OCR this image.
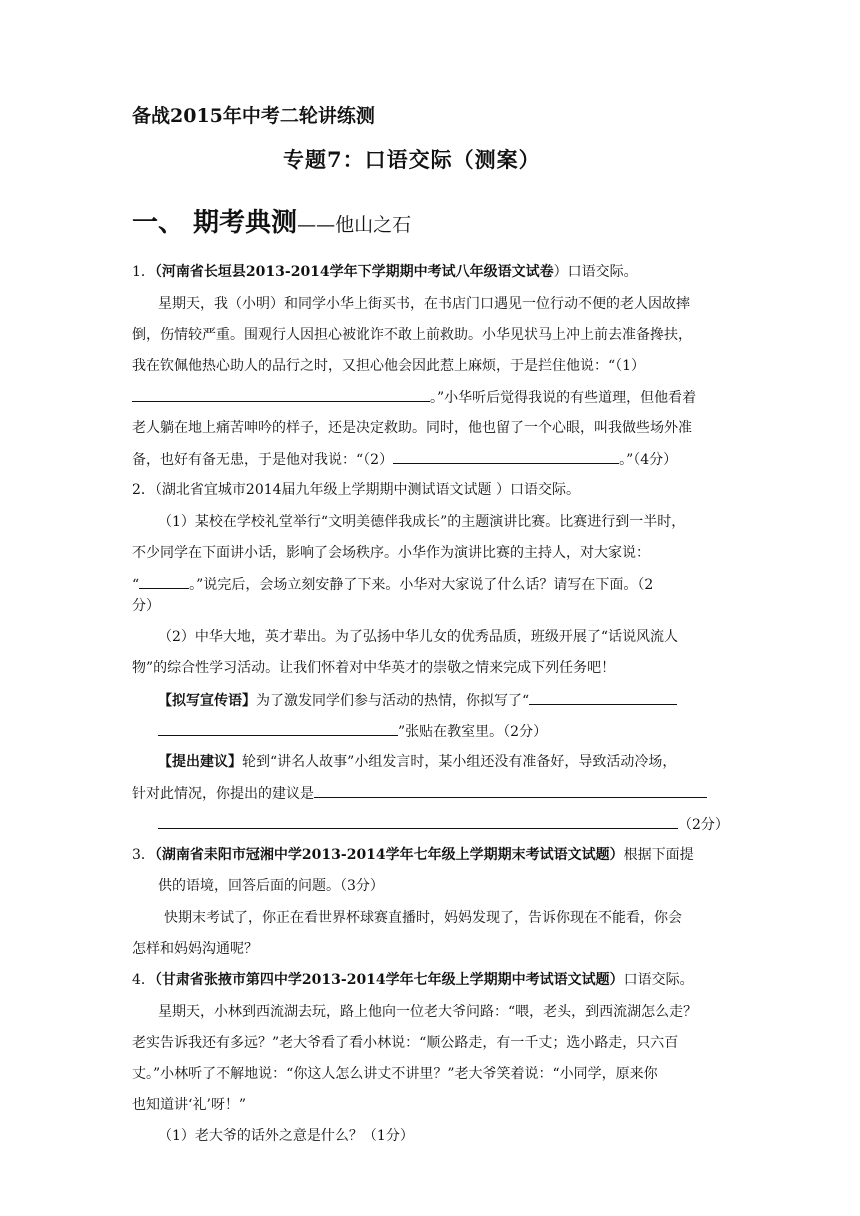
备战2015年中考二轮讲练测
专题7：口语交际（测案）
一、 期考典测——他山之石
1．（河南省长垣县2013-2014学年下学期期中考试八年级语文试卷）口语交际。
星期天，我（小明）和同学小华上街买书，在书店门口遇见一位行动不便的老人因故摔
倒，伤情较严重。围观行人因担心被讹诈不敢上前救助。小华见状马上冲上前去准备搀扶，
我在钦佩他热心助人的品行之时，又担心他会因此惹上麻烦，于是拦住他说：“（1）
。”小华听后觉得我说的有些道理，但他看着
老人躺在地上痛苦呻吟的样子，还是决定救助。同时，他也留了一个心眼，叫我做些场外准
备，也好有备无患，于是他对我说：“（2）	。”（4分）
2．（湖北省宜城市2014届九年级上学期期中测试语文试题 ）口语交际。
（1）某校在学校礼堂举行“文明美德伴我成长”的主题演讲比赛。比赛进行到一半时，
不少同学在下面讲小话，影响了会场秩序。小华作为演讲比赛的主持人，对大家说：
“	。”说完后，会场立刻安静了下来。小华对大家说了什么话？请写在下面。（2
分）
（2）中华大地，英才辈出。为了弘扬中华儿女的优秀品质，班级开展了“话说风流人
物”的综合性学习活动。让我们怀着对中华英才的崇敬之情来完成下列任务吧！
【拟写宣传语】为了激发同学们参与活动的热情，你拟写了“
”张贴在教室里。（2分）
【提出建议】轮到“讲名人故事”小组发言时，某小组还没有准备好，导致活动冷场，
针对此情况，你提出的建议是
（2分）
3．（湖南省耒阳市冠湘中学2013-2014学年七年级上学期期末考试语文试题）根据下面提
供的语境，回答后面的问题。（3分）
快期末考试了，你正在看世界杯球赛直播时，妈妈发现了，告诉你现在不能看，你会
怎样和妈妈沟通呢？
4．（甘肃省张掖市第四中学2013-2014学年七年级上学期期中考试语文试题）口语交际。
星期天，小林到西流湖去玩，路上他向一位老大爷问路：“喂，老头，到西流湖怎么走？
老实告诉我还有多远？”老大爷看了看小林说：“顺公路走，有一千丈；选小路走，只六百
丈。”小林听了不解地说：“你这人怎么讲丈不讲里？”老大爷笑着说：“小同学，原来你
也知道讲‘礼’呀！”
（1）老大爷的话外之意是什么？（1分）
